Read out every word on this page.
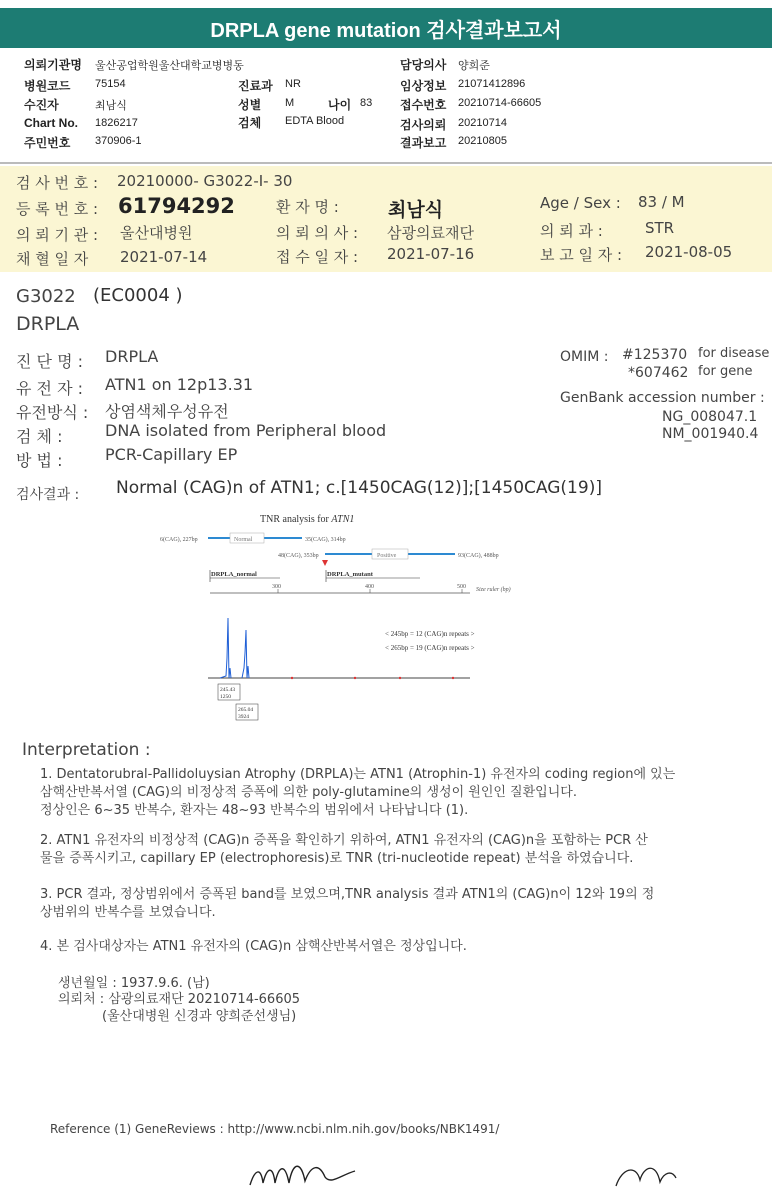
DRPLA gene mutation 검사결과보고서
의뢰기관명 울산공업학원울산대학교병병동
병원코드 75154	진료과 NR
수진자	최남식	성별 M	나이 83
Chart No. 1826217	검체 EDTA Blood
주민번호 370906-1
담당의사 양희준
임상정보 21071412896
접수번호 20210714-66605
검사의뢰 20210714
결과보고 20210805
검 사 번 호 : 20210000- G3022-I- 30
등 록 번 호 : 61794292	환 자 명 :	최남식	Age / Sex : 83 / M
의 뢰 기 관 : 울산대병원	의 뢰 의 사 : 삼광의료재단	의 뢰 과 :	STR
채 혈 일 자 2021-07-14	접 수 일 자 : 2021-07-16	보 고 일 자 : 2021-08-05
G3022 (EC0004 )
DRPLA
진 단 명 : DRPLA
유 전 자 : ATN1 on 12p13.31
유전방식 : 상염색체우성유전
검 체 :	DNA isolated from Peripheral blood
방 법 :	PCR-Capillary EP
OMIM : #125370 for disease
*607462 for gene
GenBank accession number :
NG_008047.1
NM_001940.4
검사결과 : Normal (CAG)n of ATN1; c.[1450CAG(12)];[1450CAG(19)]
TNR analysis for ATN1
Normal
6(CAG), 227bp	35(CAG), 314bp
Positive
48(CAG), 353bp	93(CAG), 488bp
DRPLA_normal	DRPLA_mutant
300	400	500 Size ruler (bp)
245.43
1250
265.04
3924
< 245bp = 12 (CAG)n repeats >
< 265bp = 19 (CAG)n repeats >
Interpretation :
1. Dentatorubral-Pallidoluysian Atrophy (DRPLA)는 ATN1 (Atrophin-1) 유전자의 coding region에 있는
삼핵산반복서열 (CAG)의 비정상적 증폭에 의한 poly-glutamine의 생성이 원인인 질환입니다.
정상인은 6~35 반복수, 환자는 48~93 반복수의 범위에서 나타납니다 (1).
2. ATN1 유전자의 비정상적 (CAG)n 증폭을 확인하기 위하여, ATN1 유전자의 (CAG)n을 포함하는 PCR 산
물을 증폭시키고, capillary EP (electrophoresis)로 TNR (tri-nucleotide repeat) 분석을 하였습니다.
3. PCR 결과, 정상범위에서 증폭된 band를 보였으며,TNR analysis 결과 ATN1의 (CAG)n이 12와 19의 정
상범위의 반복수를 보였습니다.
4. 본 검사대상자는 ATN1 유전자의 (CAG)n 삼핵산반복서열은 정상입니다.
생년월일 : 1937.9.6. (남)
의뢰처 : 삼광의료재단 20210714-66605
(울산대병원 신경과 양희준선생님)
Reference (1) GeneReviews : http://www.ncbi.nlm.nih.gov/books/NBK1491/
